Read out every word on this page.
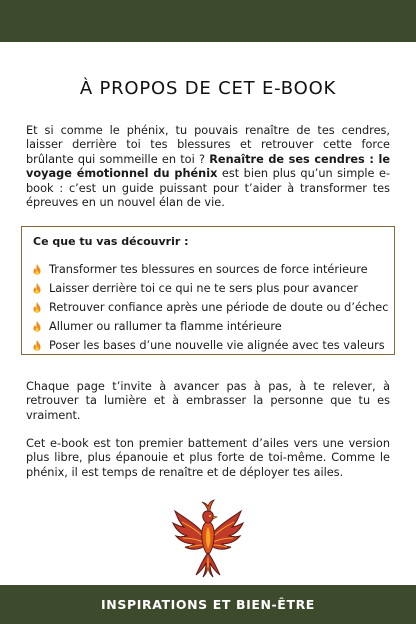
À PROPOS DE CET E-BOOK
Et si comme le phénix, tu pouvais renaître de tes cendres, laisser derrière toi tes blessures et retrouver cette force brûlante qui sommeille en toi ? Renaître de ses cendres : le voyage émotionnel du phénix est bien plus qu’un simple e-book : c’est un guide puissant pour t’aider à transformer tes épreuves en un nouvel élan de vie.
Ce que tu vas découvrir :
Transformer tes blessures en sources de force intérieure
Laisser derrière toi ce qui ne te sers plus pour avancer
Retrouver confiance après une période de doute ou d’échec
Allumer ou rallumer ta flamme intérieure
Poser les bases d’une nouvelle vie alignée avec tes valeurs

Chaque page t’invite à avancer pas à pas, à te relever, à retrouver ta lumière et à embrasser la personne que tu es vraiment.

Cet e-book est ton premier battement d’ailes vers une version plus libre, plus épanouie et plus forte de toi-même. Comme le phénix, il est temps de renaître et de déployer tes ailes.

INSPIRATIONS ET BIEN-ÊTRE
